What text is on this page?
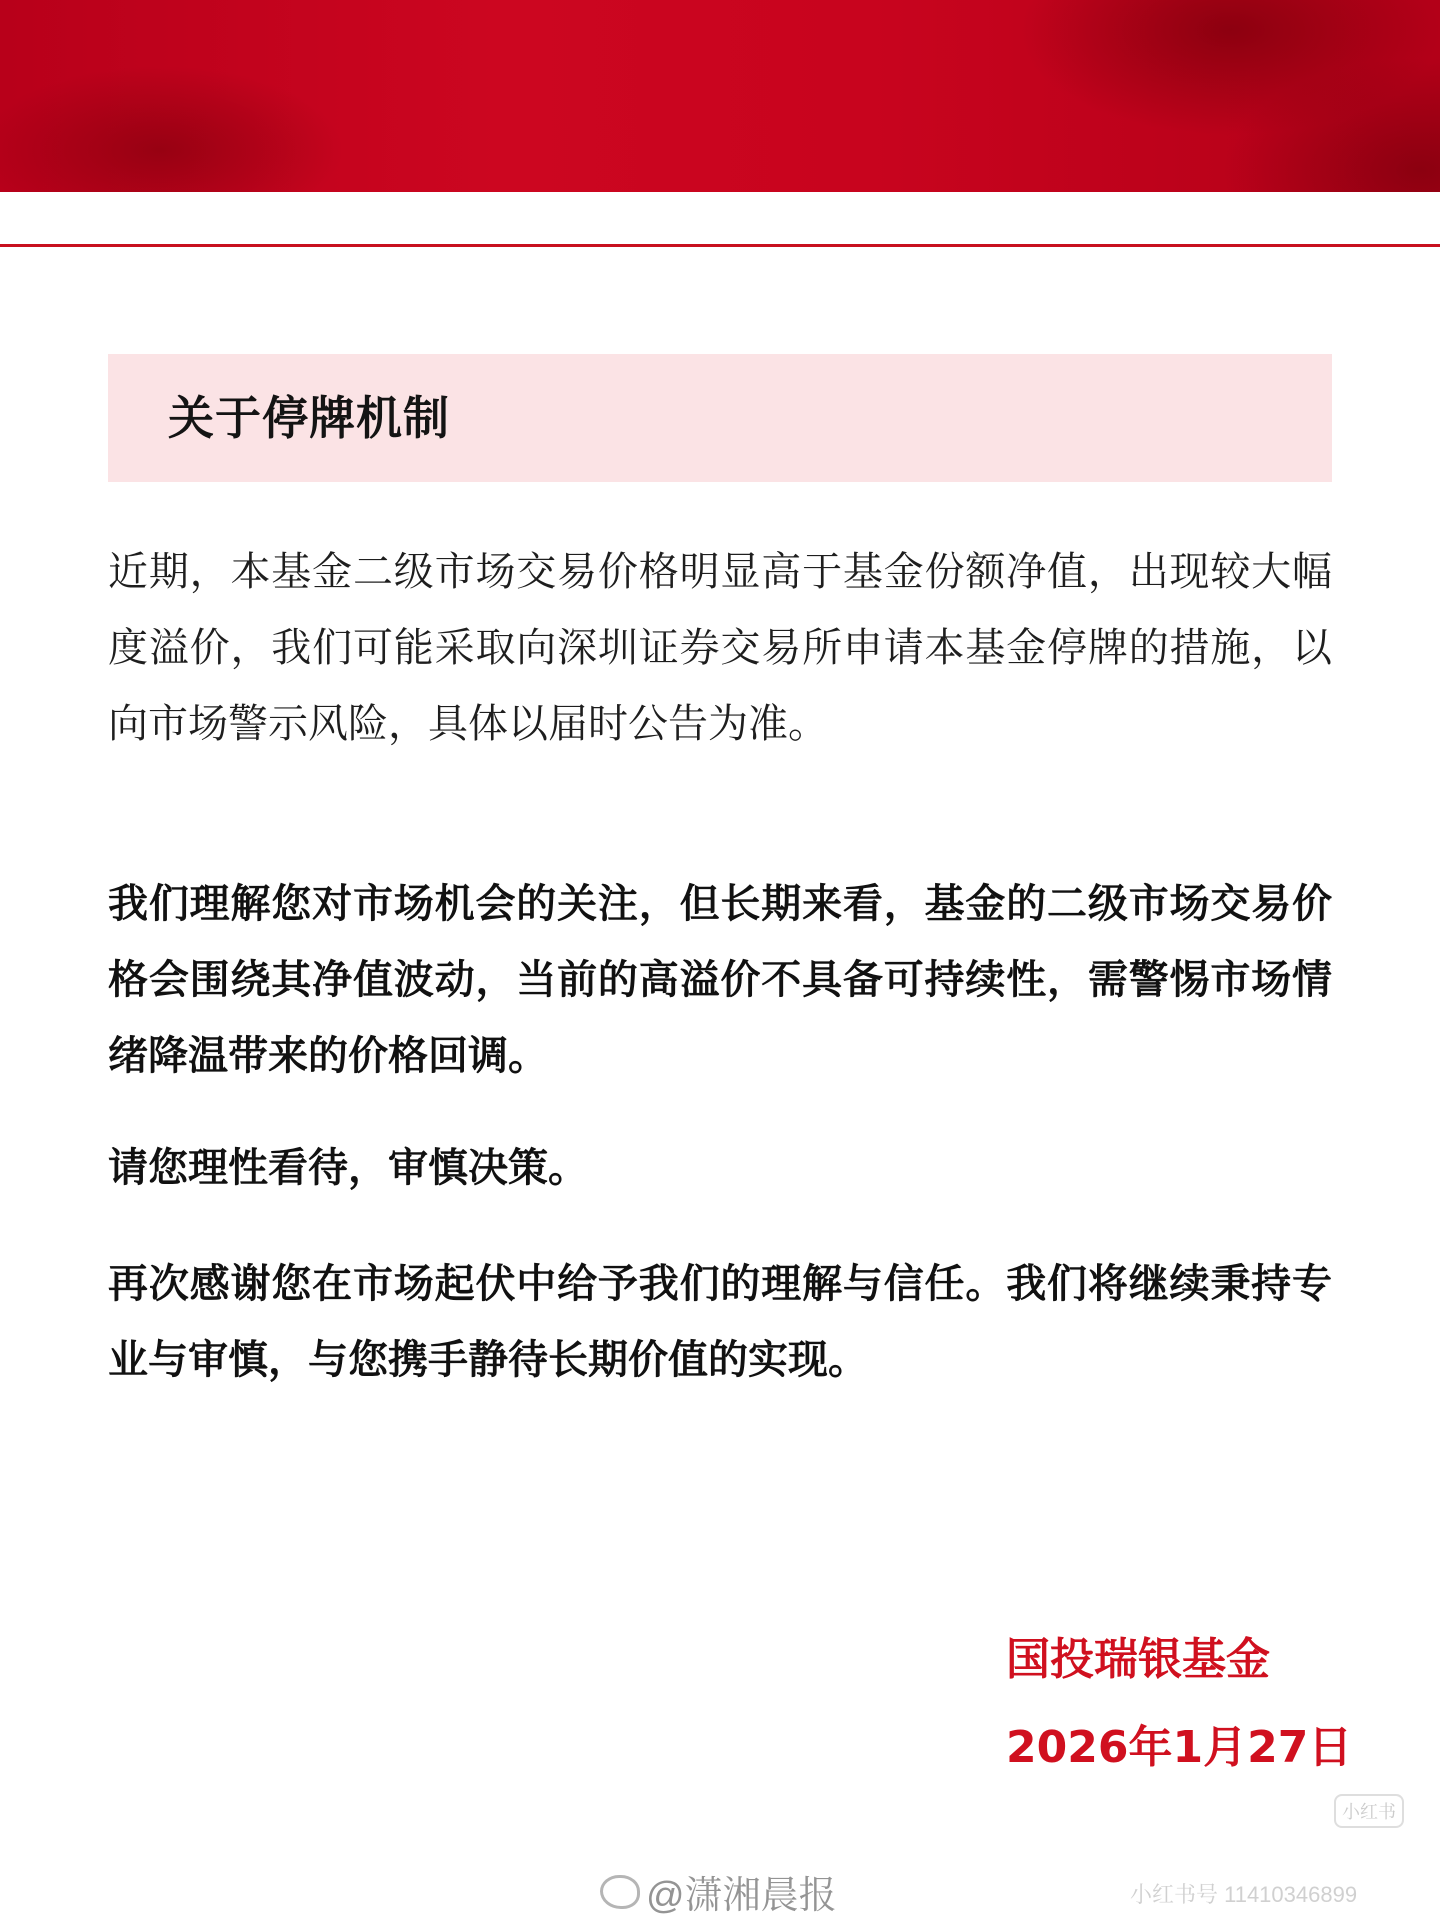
关于停牌机制

近期，本基金二级市场交易价格明显高于基金份额净值，出现较大幅度溢价，我们可能采取向深圳证券交易所申请本基金停牌的措施，以向市场警示风险，具体以届时公告为准。

我们理解您对市场机会的关注，但长期来看，基金的二级市场交易价格会围绕其净值波动，当前的高溢价不具备可持续性，需警惕市场情绪降温带来的价格回调。

请您理性看待，审慎决策。

再次感谢您在市场起伏中给予我们的理解与信任。我们将继续秉持专业与审慎，与您携手静待长期价值的实现。

国投瑞银基金

2026年1月27日

@潇湘晨报
小红书
小红书号 11410346899
